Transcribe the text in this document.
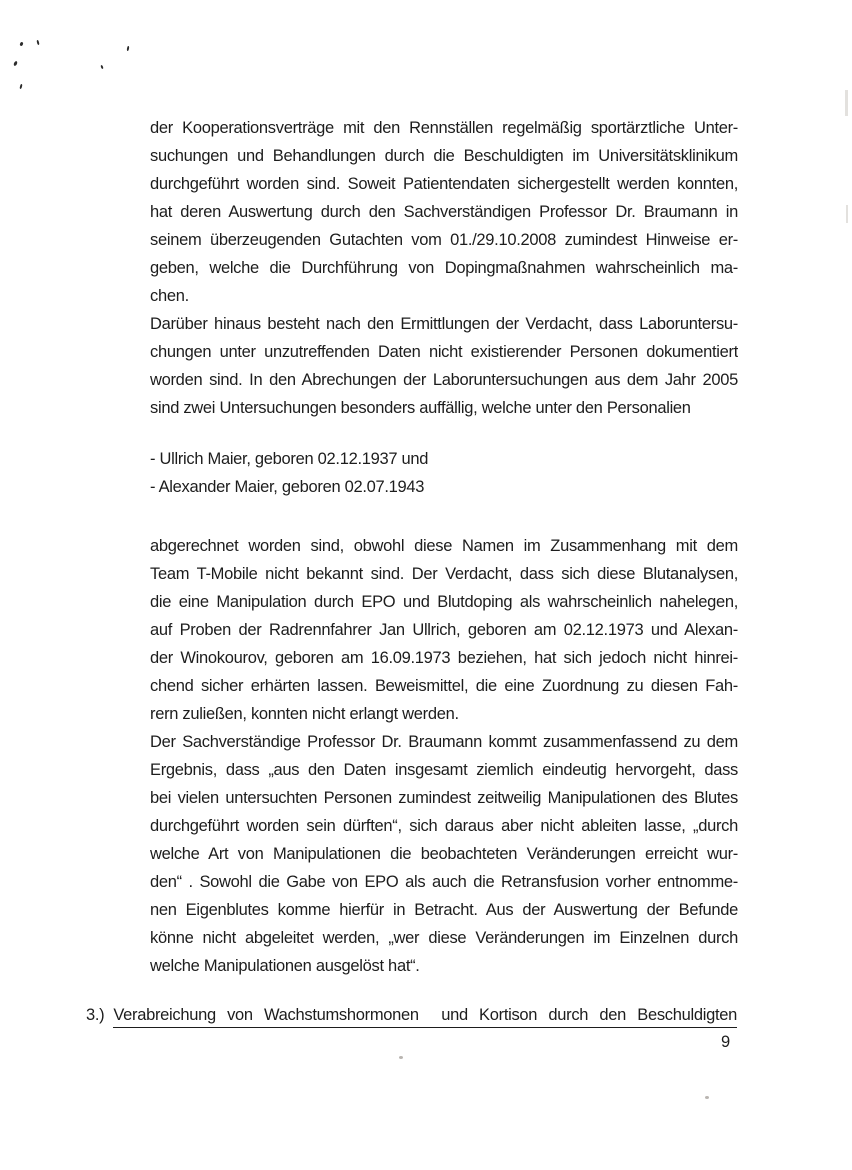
der Kooperationsverträge mit den Rennställen regelmäßig sportärztliche Unter-
suchungen und Behandlungen durch die Beschuldigten im Universitätsklinikum
durchgeführt worden sind. Soweit Patientendaten sichergestellt werden konnten,
hat deren Auswertung durch den Sachverständigen Professor Dr. Braumann in
seinem überzeugenden Gutachten vom 01./29.10.2008 zumindest Hinweise er-
geben, welche die Durchführung von Dopingmaßnahmen wahrscheinlich ma-
chen.
Darüber hinaus besteht nach den Ermittlungen der Verdacht, dass Laboruntersu-
chungen unter unzutreffenden Daten nicht existierender Personen dokumentiert
worden sind. In den Abrechungen der Laboruntersuchungen aus dem Jahr 2005
sind zwei Untersuchungen besonders auffällig, welche unter den Personalien
- Ullrich Maier, geboren 02.12.1937 und
- Alexander Maier, geboren 02.07.1943
abgerechnet worden sind, obwohl diese Namen im Zusammenhang mit dem
Team T-Mobile nicht bekannt sind. Der Verdacht, dass sich diese Blutanalysen,
die eine Manipulation durch EPO und Blutdoping als wahrscheinlich nahelegen,
auf Proben der Radrennfahrer Jan Ullrich, geboren am 02.12.1973 und Alexan-
der Winokourov, geboren am 16.09.1973 beziehen, hat sich jedoch nicht hinrei-
chend sicher erhärten lassen. Beweismittel, die eine Zuordnung zu diesen Fah-
rern zuließen, konnten nicht erlangt werden.
Der Sachverständige Professor Dr. Braumann kommt zusammenfassend zu dem
Ergebnis, dass „aus den Daten insgesamt ziemlich eindeutig hervorgeht, dass
bei vielen untersuchten Personen zumindest zeitweilig Manipulationen des Blutes
durchgeführt worden sein dürften“, sich daraus aber nicht ableiten lasse, „durch
welche Art von Manipulationen die beobachteten Veränderungen erreicht wur-
den“ . Sowohl die Gabe von EPO als auch die Retransfusion vorher entnomme-
nen Eigenblutes komme hierfür in Betracht. Aus der Auswertung der Befunde
könne nicht abgeleitet werden, „wer diese Veränderungen im Einzelnen durch
welche Manipulationen ausgelöst hat“.
3.) Verabreichung von Wachstumshormonen  und Kortison durch den Beschuldigten
9
